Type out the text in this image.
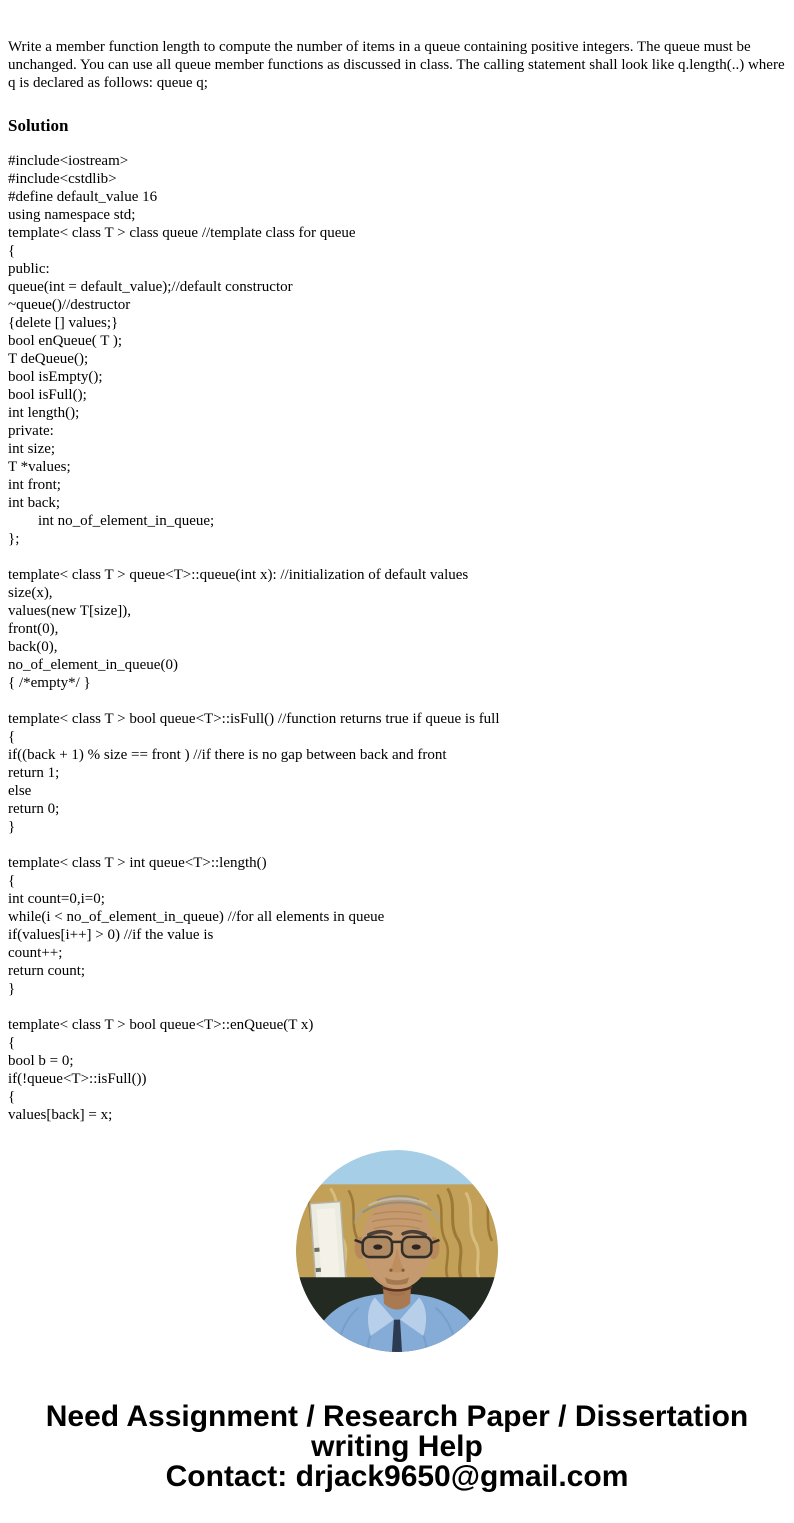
Write a member function length to compute the number of items in a queue containing positive integers. The queue must be unchanged. You can use all queue member functions as discussed in class. The calling statement shall look like q.length(..) where q is declared as follows: queue q;

Solution
#include<iostream>
#include<cstdlib>
#define default_value 16
using namespace std;
template< class T > class queue //template class for queue
{
public:
queue(int = default_value);//default constructor
~queue()//destructor
{delete [] values;}
bool enQueue( T );
T deQueue();
bool isEmpty();
bool isFull();
int length();
private:
int size;
T *values;
int front;
int back;
int no_of_element_in_queue;
};
template< class T > queue<T>::queue(int x): //initialization of default values
size(x),
values(new T[size]),
front(0),
back(0),
no_of_element_in_queue(0)
{ /*empty*/ }
template< class T > bool queue<T>::isFull() //function returns true if queue is full
{
if((back + 1) % size == front ) //if there is no gap between back and front
return 1;
else
return 0;
}
template< class T > int queue<T>::length()
{
int count=0,i=0;
while(i < no_of_element_in_queue) //for all elements in queue
if(values[i++] > 0) //if the value is
count++;
return count;
}
template< class T > bool queue<T>::enQueue(T x)
{
bool b = 0;
if(!queue<T>::isFull())
{
values[back] = x;
Need Assignment / Research Paper / Dissertation writing Help
Contact: drjack9650@gmail.com
